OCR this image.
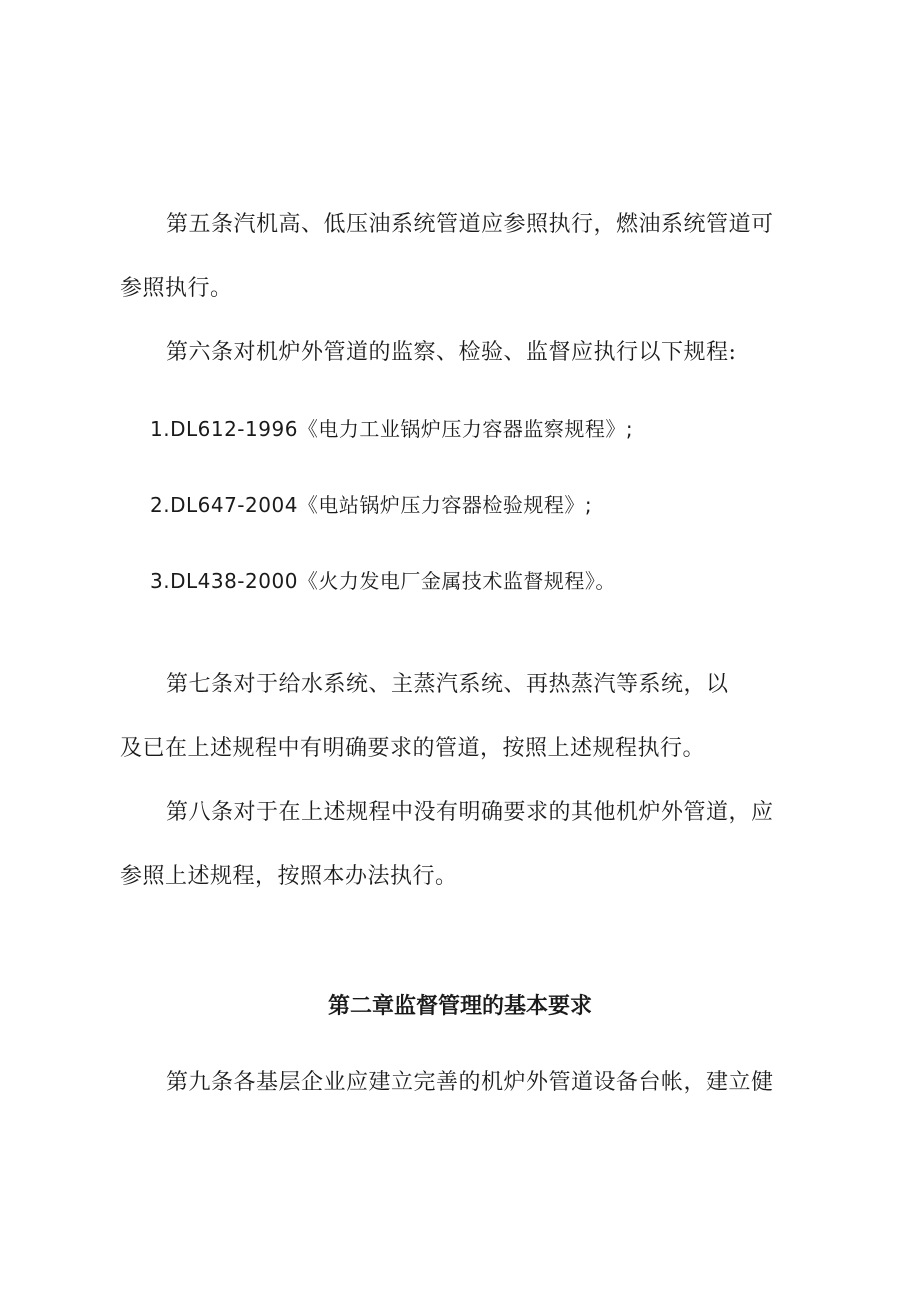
第五条汽机高、低压油系统管道应参照执行，燃油系统管道可
参照执行。
第六条对机炉外管道的监察、检验、监督应执行以下规程:
1.DL612-1996《电力工业锅炉压力容器监察规程》;
2.DL647-2004《电站锅炉压力容器检验规程》;
3.DL438-2000《火力发电厂金属技术监督规程》。
第七条对于给水系统、主蒸汽系统、再热蒸汽等系统，以
及已在上述规程中有明确要求的管道，按照上述规程执行。
第八条对于在上述规程中没有明确要求的其他机炉外管道，应
参照上述规程，按照本办法执行。
第二章监督管理的基本要求
第九条各基层企业应建立完善的机炉外管道设备台帐，建立健
